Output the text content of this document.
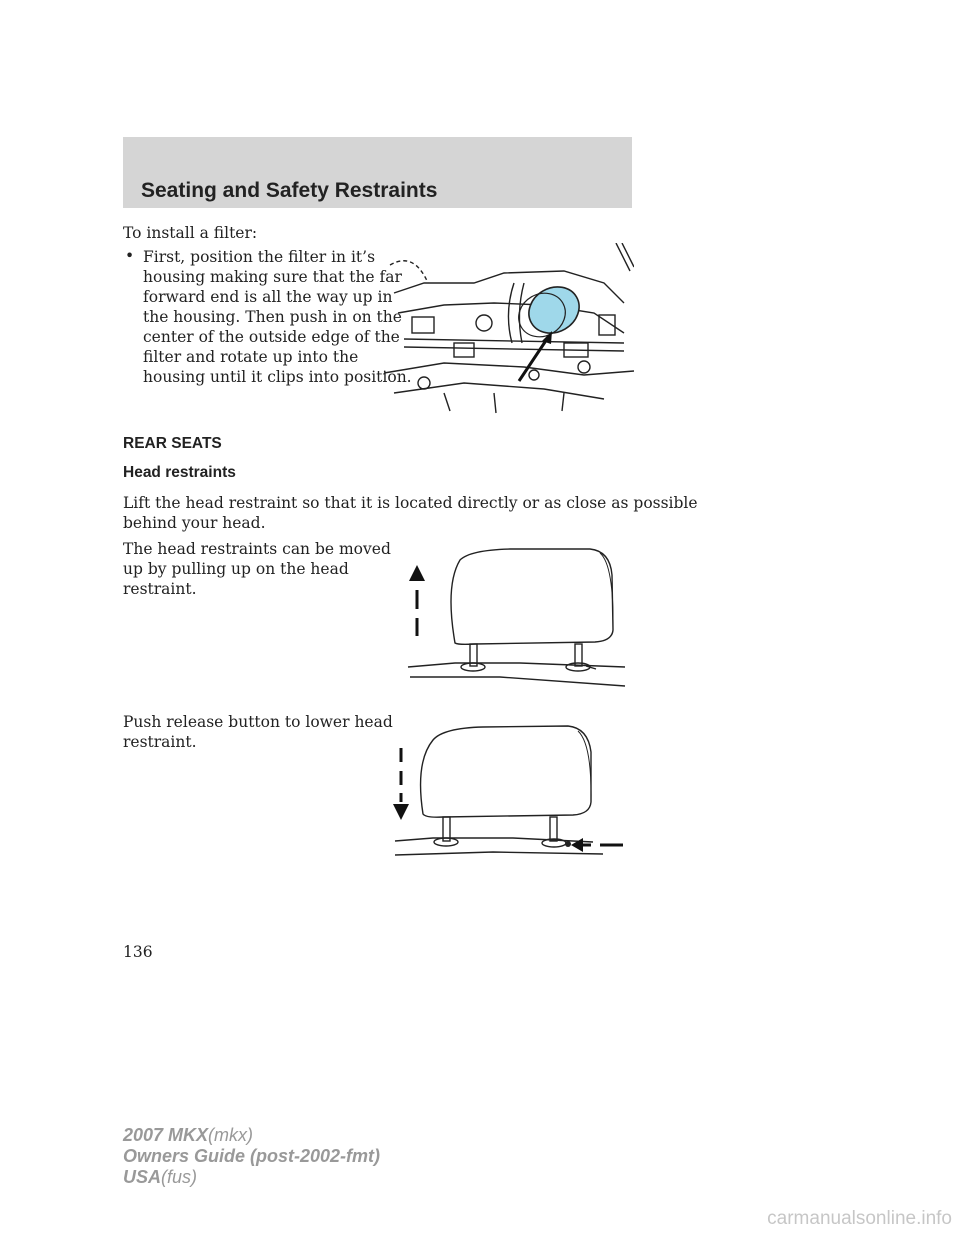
Seating and Safety Restraints
To install a filter:
• First, position the filter in it’s
housing making sure that the far
forward end is all the way up in
the housing. Then push in on the
center of the outside edge of the
filter and rotate up into the
housing until it clips into position.
REAR SEATS
Head restraints
Lift the head restraint so that it is located directly or as close as possible
behind your head.
The head restraints can be moved
up by pulling up on the head
restraint.
Push release button to lower head
restraint.
136
2007 MKX(mkx)
Owners Guide (post-2002-fmt)
USA(fus)
carmanualsonline.info
